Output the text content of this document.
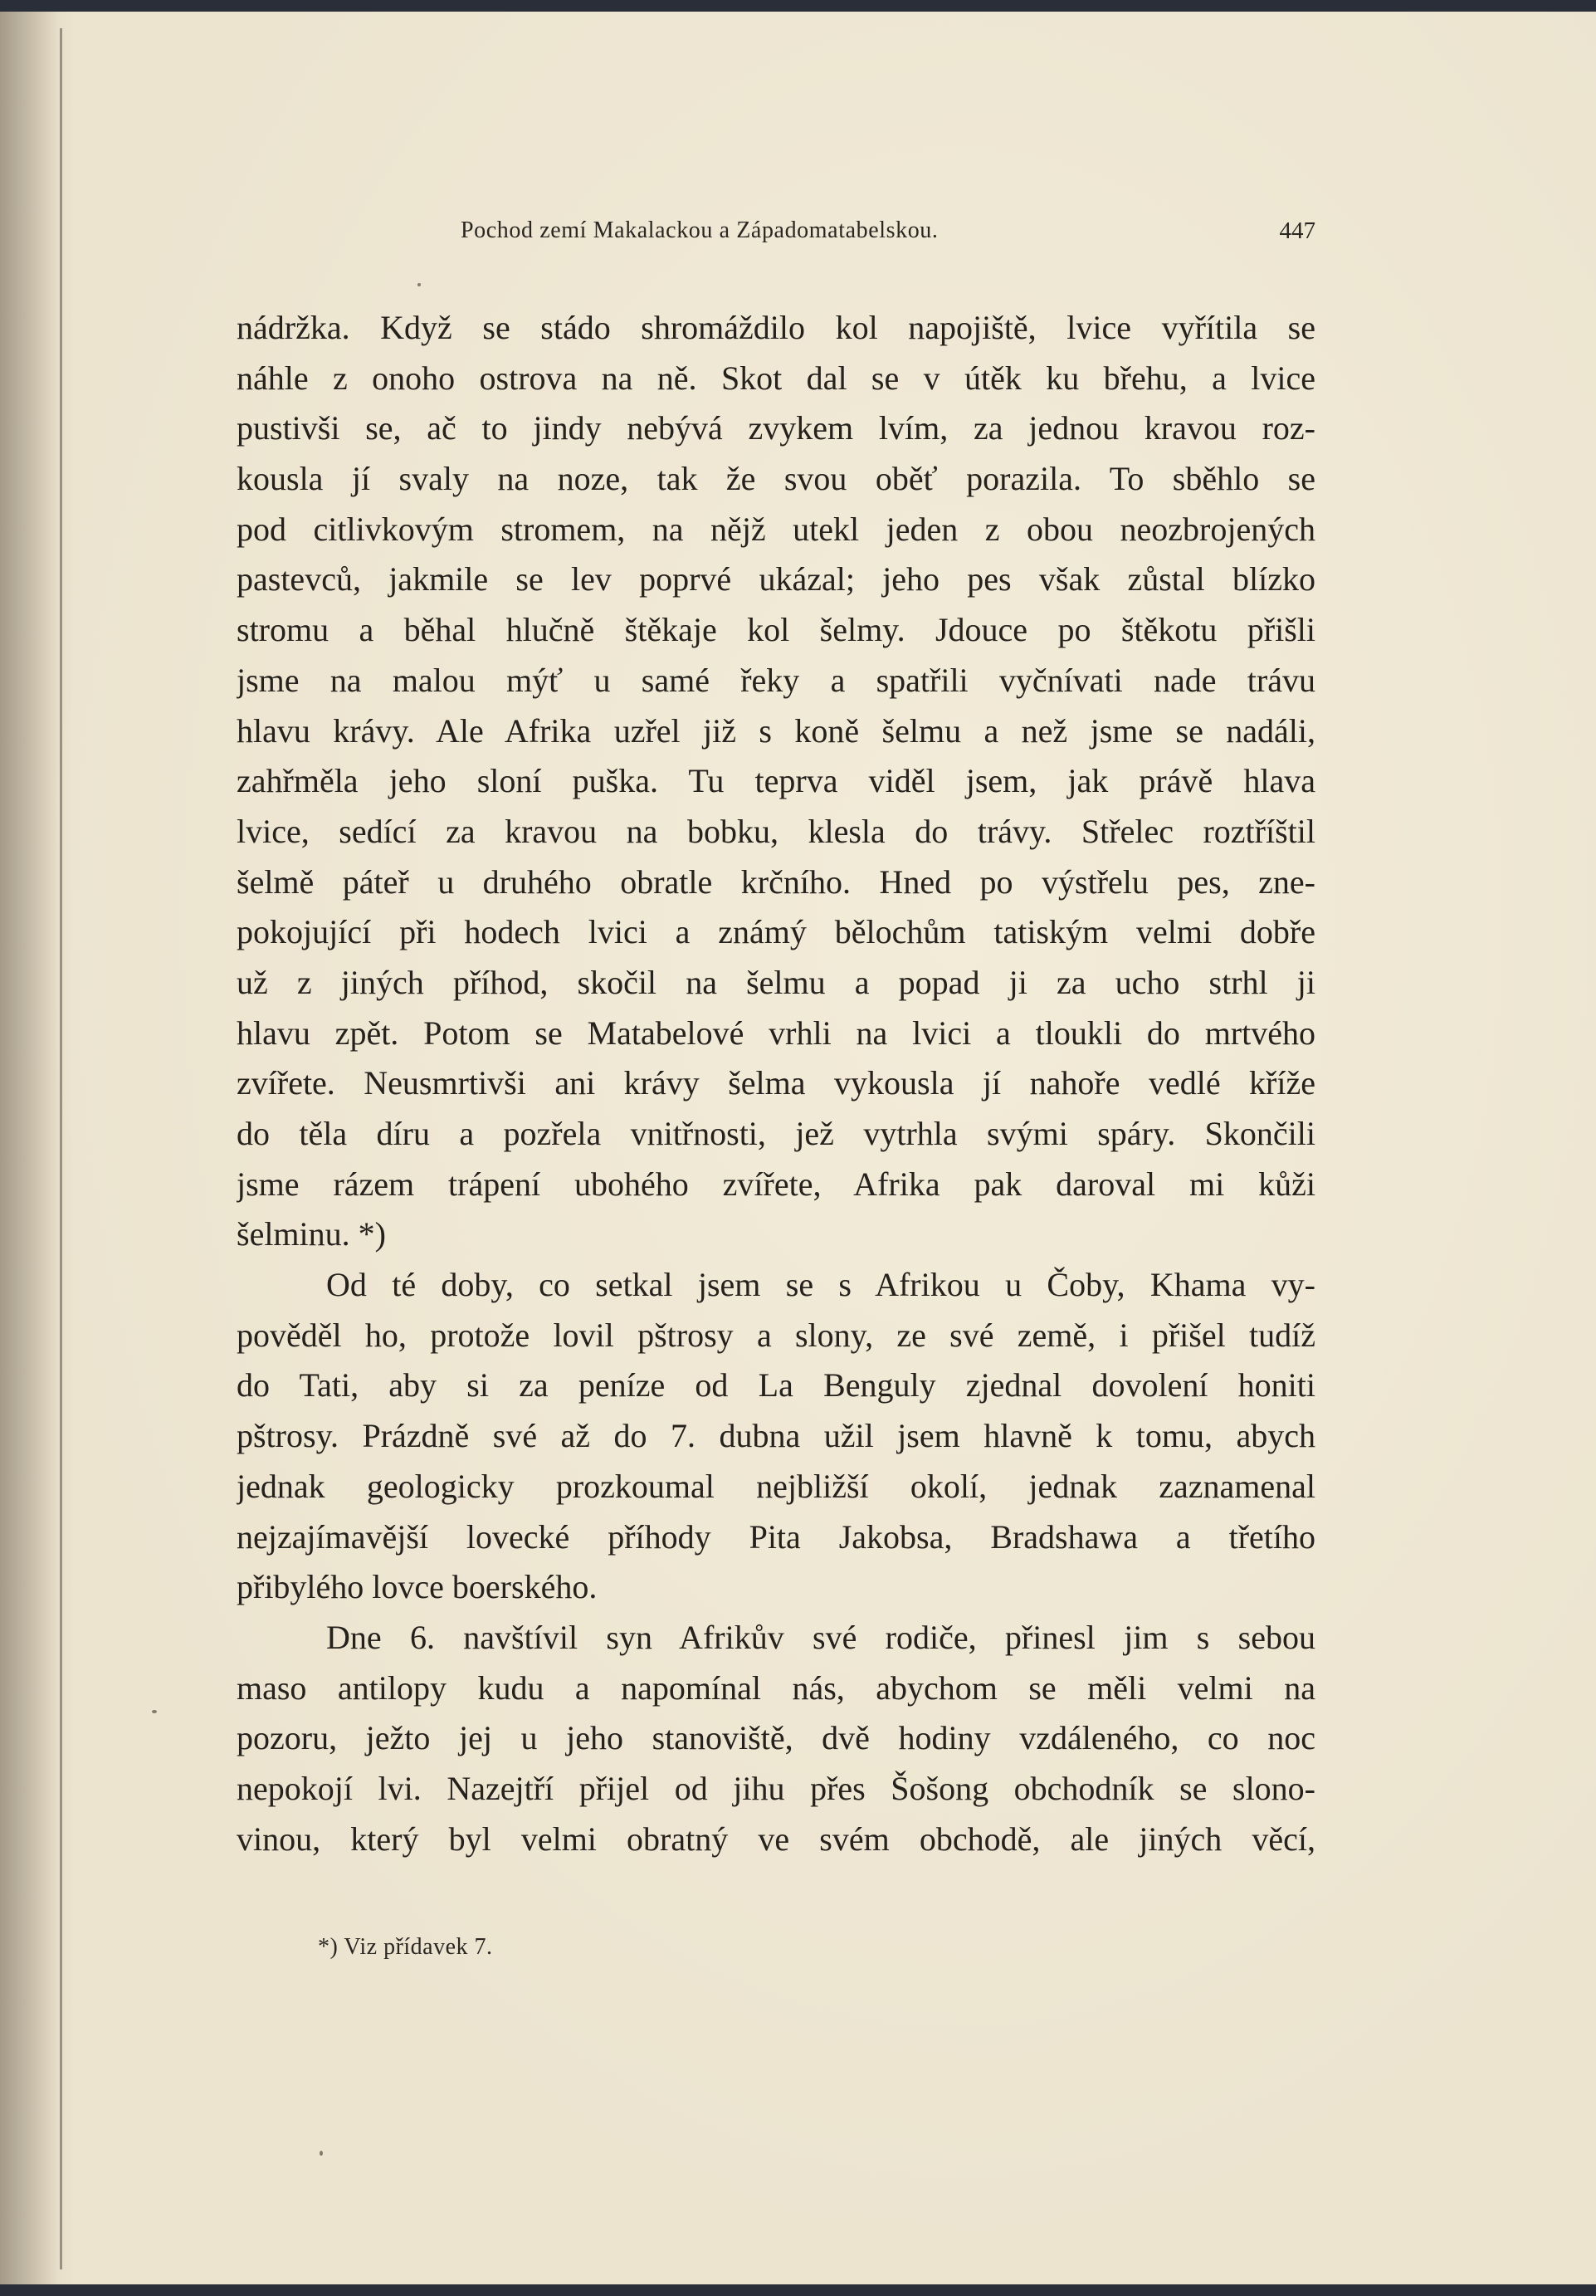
Pochod zemí Makalackou a Západomatabelskou.	447
nádržka. Když se stádo shromáždilo kol napojiště, lvice vyřítila se
náhle z onoho ostrova na ně. Skot dal se v útěk ku břehu, a lvice
pustivši se, ač to jindy nebývá zvykem lvím, za jednou kravou roz-
kousla jí svaly na noze, tak že svou oběť porazila. To sběhlo se
pod citlivkovým stromem, na nějž utekl jeden z obou neozbrojených
pastevců, jakmile se lev poprvé ukázal; jeho pes však zůstal blízko
stromu a běhal hlučně štěkaje kol šelmy. Jdouce po štěkotu přišli
jsme na malou mýť u samé řeky a spatřili vyčnívati nade trávu
hlavu krávy. Ale Afrika uzřel již s koně šelmu a než jsme se nadáli,
zahřměla jeho sloní puška. Tu teprva viděl jsem, jak právě hlava
lvice, sedící za kravou na bobku, klesla do trávy. Střelec roztříštil
šelmě páteř u druhého obratle krčního. Hned po výstřelu pes, zne-
pokojující při hodech lvici a známý bělochům tatiským velmi dobře
už z jiných příhod, skočil na šelmu a popad ji za ucho strhl ji
hlavu zpět. Potom se Matabelové vrhli na lvici a tloukli do mrtvého
zvířete. Neusmrtivši ani krávy šelma vykousla jí nahoře vedlé kříže
do těla díru a pozřela vnitřnosti, jež vytrhla svými spáry. Skončili
jsme rázem trápení ubohého zvířete, Afrika pak daroval mi kůži
šelminu. *)
Od té doby, co setkal jsem se s Afrikou u Čoby, Khama vy-
pověděl ho, protože lovil pštrosy a slony, ze své země, i přišel tudíž
do Tati, aby si za peníze od La Benguly zjednal dovolení honiti
pštrosy. Prázdně své až do 7. dubna užil jsem hlavně k tomu, abych
jednak geologicky prozkoumal nejbližší okolí, jednak zaznamenal
nejzajímavější lovecké příhody Pita Jakobsa, Bradshawa a třetího
přibylého lovce boerského.
Dne 6. navštívil syn Afrikův své rodiče, přinesl jim s sebou
maso antilopy kudu a napomínal nás, abychom se měli velmi na
pozoru, ježto jej u jeho stanoviště, dvě hodiny vzdáleného, co noc
nepokojí lvi. Nazejtří přijel od jihu přes Šošong obchodník se slono-
vinou, který byl velmi obratný ve svém obchodě, ale jiných věcí,
*) Viz přídavek 7.
